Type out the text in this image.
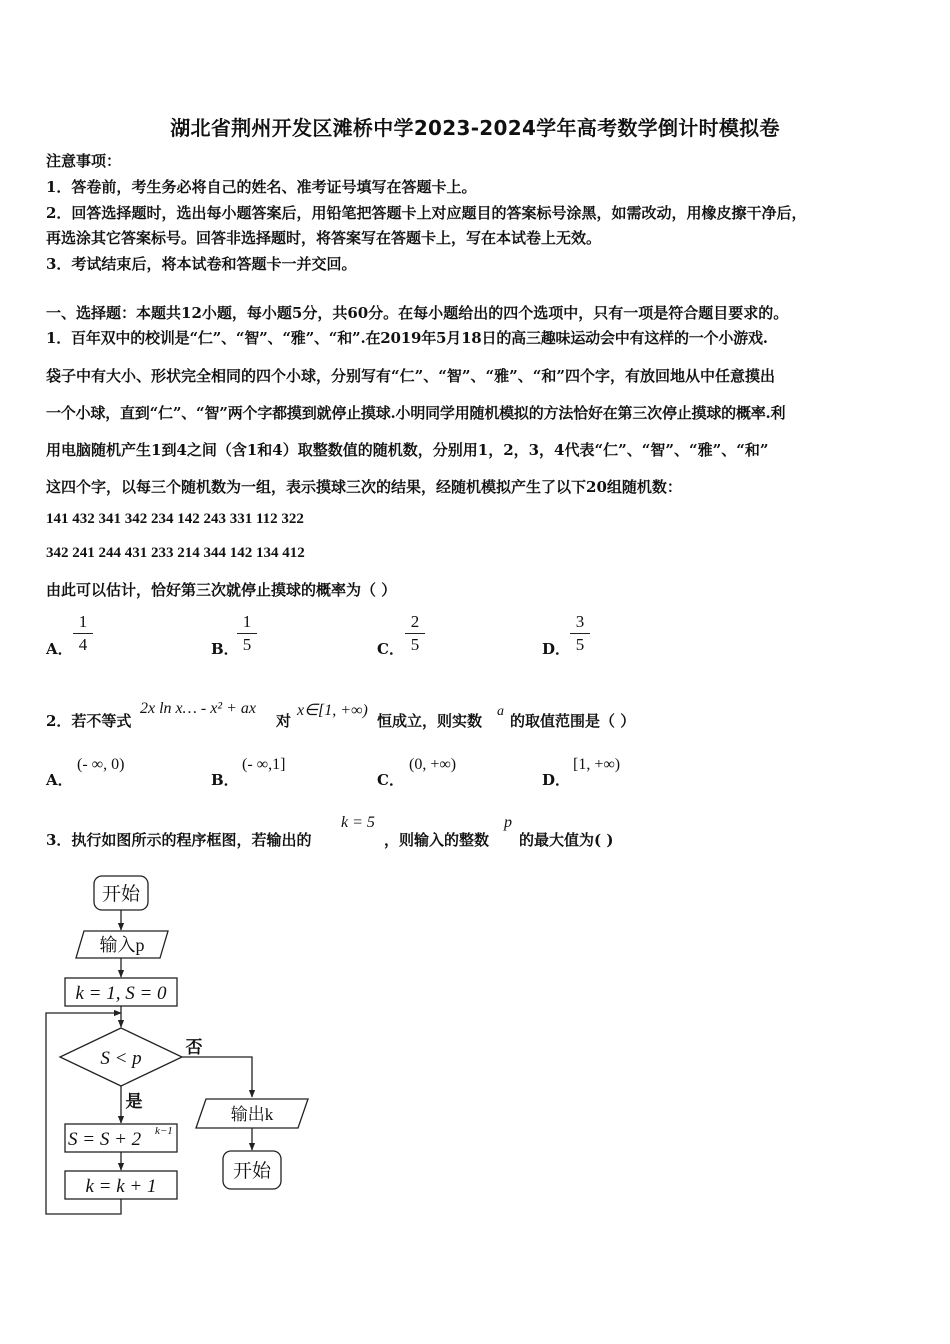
湖北省荆州开发区滩桥中学2023-2024学年高考数学倒计时模拟卷
注意事项：
1．答卷前，考生务必将自己的姓名、准考证号填写在答题卡上。
2．回答选择题时，选出每小题答案后，用铅笔把答题卡上对应题目的答案标号涂黑，如需改动，用橡皮擦干净后，
再选涂其它答案标号。回答非选择题时，将答案写在答题卡上，写在本试卷上无效。
3．考试结束后，将本试卷和答题卡一并交回。
一、选择题：本题共12小题，每小题5分，共60分。在每小题给出的四个选项中，只有一项是符合题目要求的。
1．百年双中的校训是“仁”、“智”、“雅”、“和”.在2019年5月18日的高三趣味运动会中有这样的一个小游戏.
袋子中有大小、形状完全相同的四个小球，分别写有“仁”、“智”、“雅”、“和”四个字，有放回地从中任意摸出
一个小球，直到“仁”、“智”两个字都摸到就停止摸球.小明同学用随机模拟的方法恰好在第三次停止摸球的概率.利
用电脑随机产生1到4之间（含1和4）取整数值的随机数，分别用1，2，3，4代表“仁”、“智”、“雅”、“和”
这四个字，以每三个随机数为一组，表示摸球三次的结果，经随机模拟产生了以下20组随机数：
141 432 341 342 234 142 243 331 112 322
342 241 244 431 233 214 344 142 134 412
由此可以估计，恰好第三次就停止摸球的概率为（ ）
A．
1
4	B．
1
5	C．
2
5	D．
3
5
2．若不等式
2x ln x… - x² + ax
对
x∈[1, +∞)
恒成立，则实数
a
的取值范围是（ ）
A．
(- ∞, 0)
B．
(- ∞,1]
C．
(0, +∞)
D．
[1, +∞)
3．执行如图所示的程序框图，若输出的
k = 5
，则输入的整数
p
的最大值为( )
开始
输入p
k = 1, S = 0
S < p
否
是
S = S + 2 k−1
k = k + 1
输出k
开始
